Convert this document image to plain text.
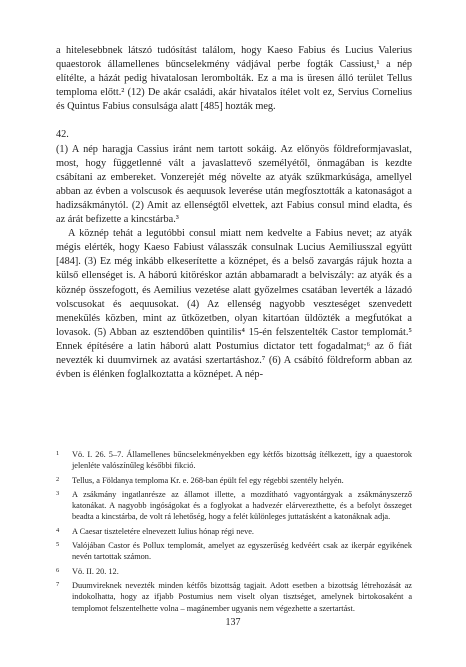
a hitelesebbnek látszó tudósítást találom, hogy Kaeso Fabius és Lucius Valerius quaestorok államellenes bűncselekmény vádjával perbe fogták Cassiust,¹ a nép elítélte, a házát pedig hivatalosan lerombolták. Ez a ma is üresen álló terület Tellus temploma előtt.² (12) De akár családi, akár hivatalos ítélet volt ez, Servius Cornelius és Quintus Fabius consulsága alatt [485] hozták meg.

42.

(1) A nép haragja Cassius iránt nem tartott sokáig. Az előnyös földreformjavaslat, most, hogy függetlenné vált a javaslattevő személyétől, önmagában is kezdte csábítani az embereket. Vonzerejét még növelte az atyák szűkmarkúsága, amellyel abban az évben a volscusok és aequusok leverése után megfosztották a katonaságot a hadizsákmánytól. (2) Amit az ellenségtől elvettek, azt Fabius consul mind eladta, és az árát befizette a kincstárba.³

A köznép tehát a legutóbbi consul miatt nem kedvelte a Fabius nevet; az atyák mégis elérték, hogy Kaeso Fabiust válasszák consulnak Lucius Aemiliusszal együtt [484]. (3) Ez még inkább elkeserítette a köznépet, és a belső zavargás rájuk hozta a külső ellenséget is. A háború kitöréskor aztán abbamaradt a belviszály: az atyák és a köznép összefogott, és Aemilius vezetése alatt győzelmes csatában leverték a lázadó volscusokat és aequusokat. (4) Az ellenség nagyobb veszteséget szenvedett menekülés közben, mint az ütközetben, olyan kitartóan üldözték a megfutókat a lovasok. (5) Abban az esztendőben quintilis⁴ 15-én felszentelték Castor templomát.⁵ Ennek építésére a latin háború alatt Postumius dictator tett fogadalmat;⁶ az ő fiát nevezték ki duumvirnek az avatási szertartáshoz.⁷ (6) A csábító földreform abban az évben is élénken foglalkoztatta a köznépet. A nép-

1 Vö. I. 26. 5–7. Államellenes bűncselekményekben egy kétfős bizottság ítélkezett, így a quaestorok jelenléte valószínűleg későbbi fikció.

2 Tellus, a Földanya temploma Kr. e. 268-ban épült fel egy régebbi szentély helyén.

3 A zsákmány ingatlanrésze az államot illette, a mozdítható vagyontárgyak a zsákmányszerző katonákat. A nagyobb ingóságokat és a foglyokat a hadvezér elárverezthette, és a befolyt összeget beadta a kincstárba, de volt rá lehetőség, hogy a felét különleges juttatásként a katonáknak adja.

4 A Caesar tiszteletére elnevezett Iulius hónap régi neve.

5 Valójában Castor és Pollux templomát, amelyet az egyszerűség kedvéért csak az ikerpár egyikének nevén tartottak számon.

6 Vö. II. 20. 12.

7 Duumvireknek nevezték minden kétfős bizottság tagjait. Adott esetben a bizottság létrehozását az indokolhatta, hogy az ifjabb Postumius nem viselt olyan tisztséget, amelynek birtokosaként a templomot felszentelhette volna – magánember ugyanis nem végezhette a szertartást.

137
